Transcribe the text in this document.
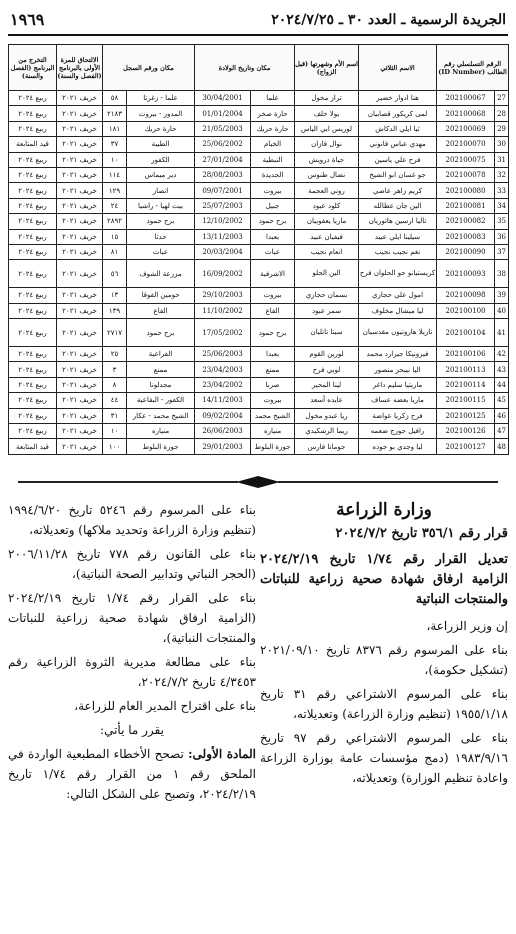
الجريدة الرسمية ـ العدد ٣٠ ـ ٢٠٢٤/٧/٢٥
١٩٦٩
الرقم التسلسلي رقم الطالب (ID Number)		الاسم الثلاثي	اسم الأم وشهرتها (قبل الزواج)	مكان وتاريخ الولادة		مكان ورقم السجل		الالتحاق للمرة الأولى بالبرنامج (الفصل والسنة)	التخرج من البرنامج (الفصل والسنة)
27	202100067	هنا ادوار خضير	تراز مخول	علما	30/04/2001	علما - زغرتا	٥٨	خريف ٢٠٢١	ربيع ٢٠٢٤
28	202100068	لمى كريكور قصابيان	بولا خلف	حارة صخر	01/01/2004	المدور - بيروت	٢١٨٣	خريف ٢٠٢١	ربيع ٢٠٢٤
29	202100069	ثيا ايلي الدكاش	لوريس ابي الياس	حارة حريك	21/05/2003	حارة حريك	١٨١	خريف ٢٠٢١	ربيع ٢٠٢٤
30	202100070	مهدي عباس قانوني	نوال قازان	الخيام	25/06/2002	الطيبة	٣٧	خريف ٢٠٢١	قيد المتابعة
31	202100075	فرح علي ياسين	حياة درويش	النبطية	27/01/2004	الكفور	١٠	خريف ٢٠٢١	ربيع ٢٠٢٤
32	202100078	جو غسان ابو الشيخ	نضال طنوس	الجديدة	28/08/2003	دير ميماس	١١٤	خريف ٢٠٢١	ربيع ٢٠٢٤
33	202100080	كريم زاهر عاصي	روني العجمة	بيروت	09/07/2001	انصار	١٢٩	خريف ٢٠٢١	ربيع ٢٠٢٤
34	202100081	الين جان عطالله	كلود عبود	جبيل	25/07/2003	بيت لهيا - راشيا	٢٤	خريف ٢٠٢١	ربيع ٢٠٢٤
35	202100082	تاليا ارسين هاتوريان	ماريا يعقوبيان	برج حمود	12/10/2002	برج حمود	٢٨٩٢	خريف ٢٠٢١	ربيع ٢٠٢٤
36	202100083	سيلينا ايلي عبيد	فيفيان عبيد	بعبدا	13/11/2003	حدثا	١٥	خريف ٢٠٢١	ربيع ٢٠٢٤
37	202100090	نغم نجيب نجيب	انعام نجيب	عيات	20/03/2004	عيات	٨١	خريف ٢٠٢١	ربيع ٢٠٢٤
38	202100093	كريستيانو جو الحلوان فرح	الين الحلو	الاشرفية	16/09/2002	مزرعة الشوف	٥٦	خريف ٢٠٢١	ربيع ٢٠٢٤
39	202100098	امول علي حجازي	بسمان حجازي	بيروت	29/10/2003	حومين الفوقا	١٣	خريف ٢٠٢١	ربيع ٢٠٢٤
40	202100100	ليا ميشال مخلوف	سمر عبود	القاع	11/10/2002	القاع	١٣٩	خريف ٢٠٢١	ربيع ٢٠٢٤
41	202100104	تاريلا هاروتيون مقدسيان	سيتا تاتليان	برج حمود	17/05/2002	برج حمود	٢٧١٧	خريف ٢٠٢١	ربيع ٢٠٢٤
42	202100106	فيرونيكا جيرارد محمد	لورين القوم	بعبدا	25/06/2003	الفراعية	٢٥	خريف ٢٠٢١	ربيع ٢٠٢٤
43	202100113	اليا نيبحز منصور	لوبي فرح	ممنع	23/04/2003	ممنع	٣	خريف ٢٠٢١	ربيع ٢٠٢٤
44	202100114	ماريتيا سليم داغر	لينا المحير	صربا	23/04/2002	مجدلونا	٨	خريف ٢٠٢١	ربيع ٢٠٢٤
45	202100115	ماريا بعضه عساف	عايده أسعد	بيروت	14/11/2003	الكفور - البقاعية	٤٤	خريف ٢٠٢١	ربيع ٢٠٢٤
46	202100125	فرح زكريا عواضة	ريا عبدو مخول	الشيخ محمد	09/02/2004	الشيخ محمد - عكار	٣١	خريف ٢٠٢١	ربيع ٢٠٢٤
47	202100126	رافيل جوزج ضعمه	ريما الرشكيدي	منياره	26/06/2003	منياره	١٠	خريف ٢٠٢١	ربيع ٢٠٢٤
48	202100127	ليا وجدي بو جوده	جومانا فارس	جورة البلوط	29/01/2003	جورة البلوط	١٠٠	خريف ٢٠٢١	قيد المتابعة
وزارة الزراعة
قرار رقم ٣٥٦/١ تاريخ ٢٠٢٤/٧/٢
تعديل القرار رقم ١/٧٤ تاريخ ٢٠٢٤/٢/١٩ الزامية ارفاق شهادة صحية زراعية للنباتات والمنتجات النباتية

إن وزير الزراعة،

بناء على المرسوم رقم ٨٣٧٦ تاريخ ٢٠٢١/٠٩/١٠ (تشكيل حكومة)،

بناء على المرسوم الاشتراعي رقم ٣١ تاريخ ١٩٥٥/١/١٨ (تنظيم وزارة الزراعة) وتعديلاته،

بناء على المرسوم الاشتراعي رقم ٩٧ تاريخ ١٩٨٣/٩/١٦ (دمج مؤسسات عامة بوزارة الزراعة واعادة تنظيم الوزارة) وتعديلاته،

بناء على المرسوم رقم ٥٢٤٦ تاريخ ١٩٩٤/٦/٢٠ (تنظيم وزارة الزراعة وتحديد ملاكها) وتعديلاته،

بناء على القانون رقم ٧٧٨ تاريخ ٢٠٠٦/١١/٢٨ (الحجر النباتي وتدابير الصحة النباتية)،

بناء على القرار رقم ١/٧٤ تاريخ ٢٠٢٤/٢/١٩ (الزامية ارفاق شهادة صحية زراعية للنباتات والمنتجات النباتية)،

بناء على مطالعة مديرية الثروة الزراعية رقم ٤/٣٤٥٣ تاريخ ٢٠٢٤/٧/٢،

بناء على اقتراح المدير العام للزراعة،

يقرر ما يأتي:

المادة الأولى: تصحح الأخطاء المطبعية الواردة في الملحق رقم ١ من القرار رقم ١/٧٤ تاريخ ٢٠٢٤/٢/١٩، وتصبح على الشكل التالي:
